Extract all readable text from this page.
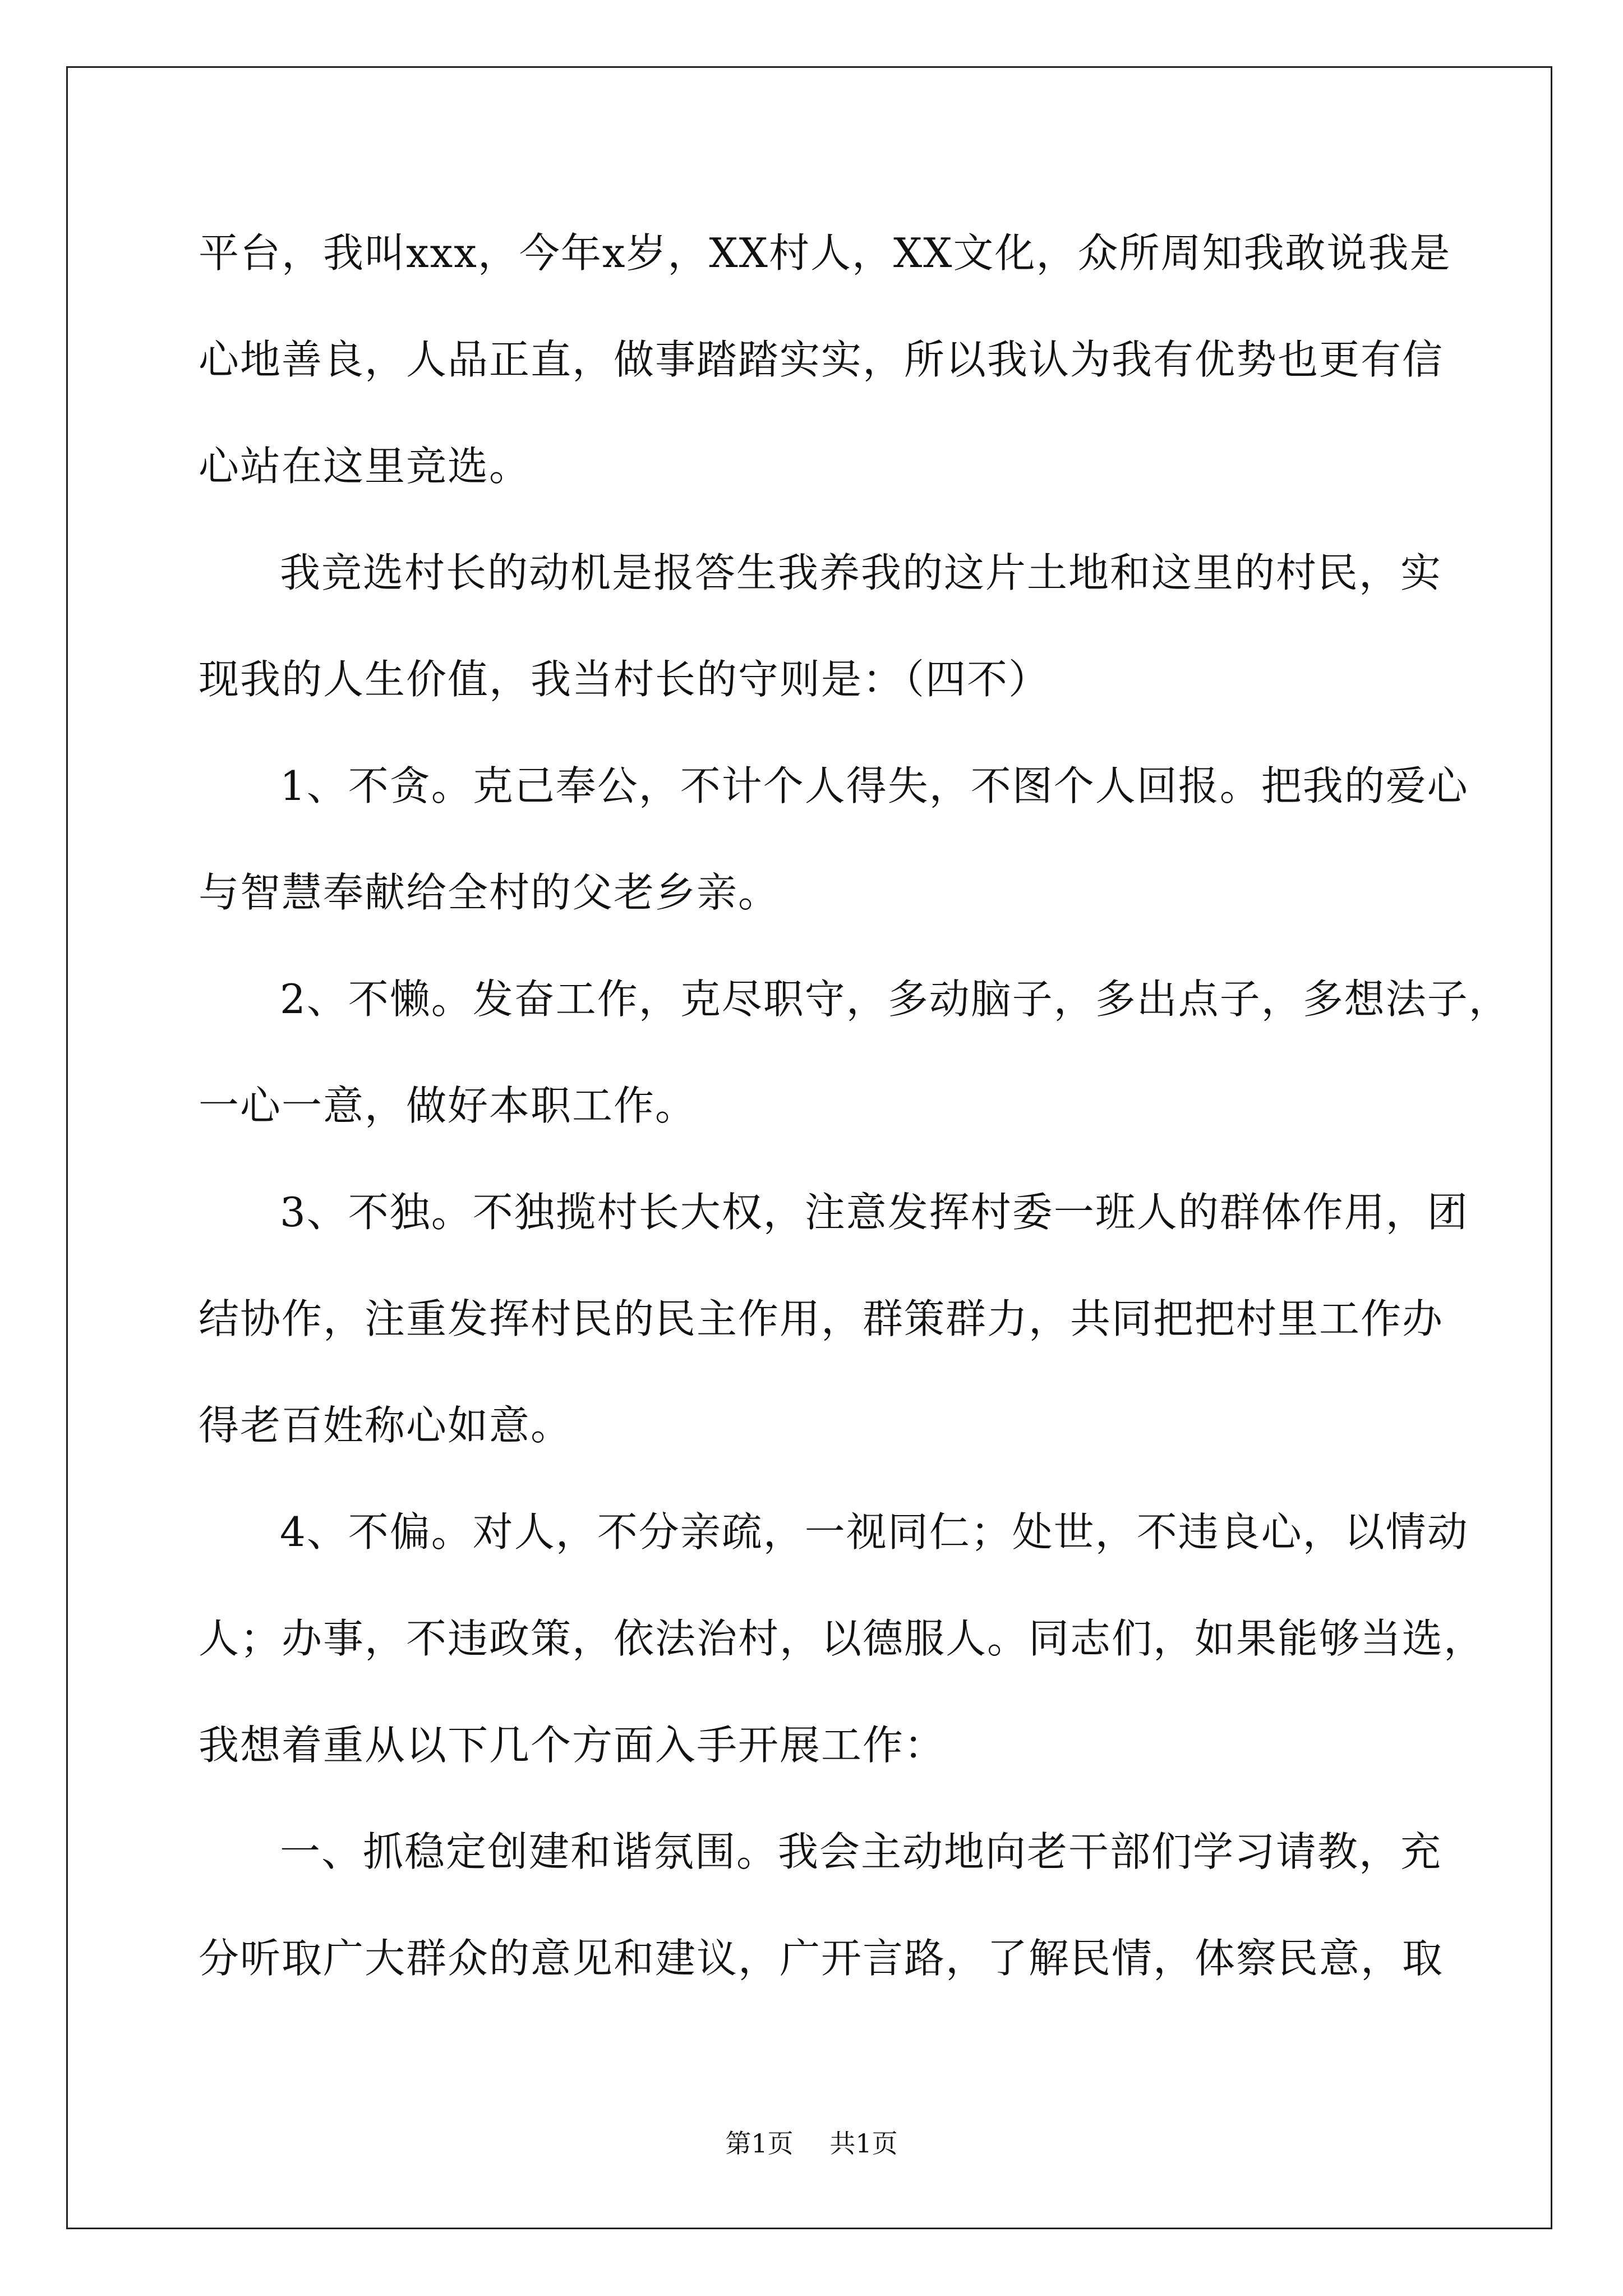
平台，我叫xxx，今年x岁，XX村人，XX文化，众所周知我敢说我是
心地善良，人品正直，做事踏踏实实，所以我认为我有优势也更有信
心站在这里竞选。
我竞选村长的动机是报答生我养我的这片土地和这里的村民，实
现我的人生价值，我当村长的守则是：（四不）
1、不贪。克己奉公，不计个人得失，不图个人回报。把我的爱心
与智慧奉献给全村的父老乡亲。
2、不懒。发奋工作，克尽职守，多动脑子，多出点子，多想法子，
一心一意，做好本职工作。
3、不独。不独揽村长大权，注意发挥村委一班人的群体作用，团
结协作，注重发挥村民的民主作用，群策群力，共同把把村里工作办
得老百姓称心如意。
4、不偏。对人，不分亲疏，一视同仁；处世，不违良心，以情动
人；办事，不违政策，依法治村，以德服人。同志们，如果能够当选，
我想着重从以下几个方面入手开展工作：
一、抓稳定创建和谐氛围。我会主动地向老干部们学习请教，充
分听取广大群众的意见和建议，广开言路，了解民情，体察民意，取
第1页 共1页
